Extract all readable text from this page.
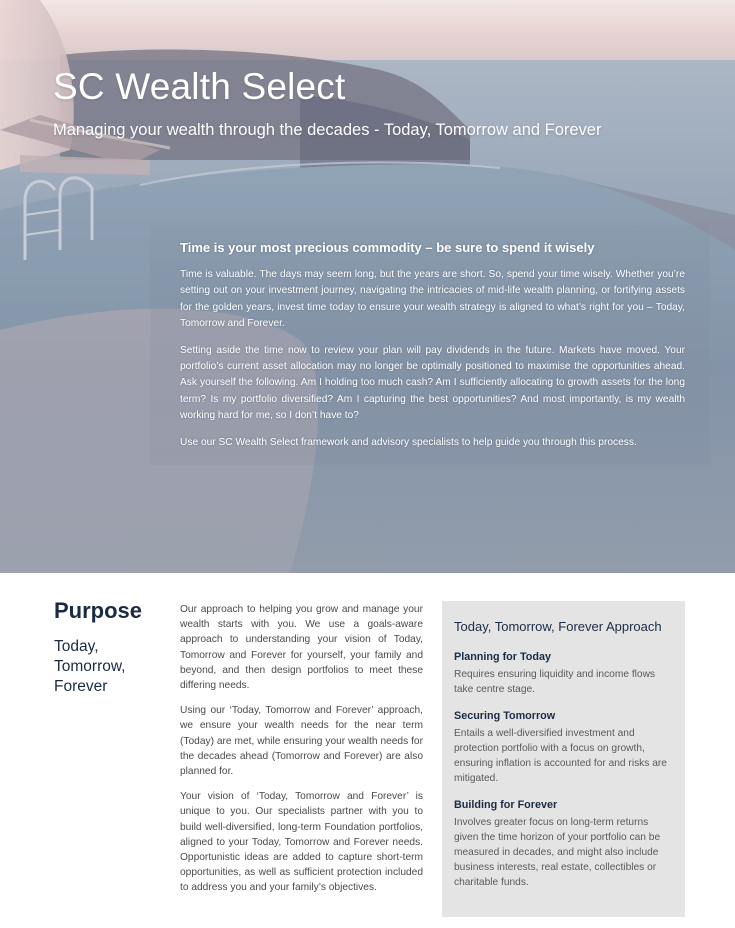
SC Wealth Select
Managing your wealth through the decades - Today, Tomorrow and Forever
Time is your most precious commodity – be sure to spend it wisely

Time is valuable. The days may seem long, but the years are short. So, spend your time wisely. Whether you’re setting out on your investment journey, navigating the intricacies of mid-life wealth planning, or fortifying assets for the golden years, invest time today to ensure your wealth strategy is aligned to what’s right for you – Today, Tomorrow and Forever.

Setting aside the time now to review your plan will pay dividends in the future. Markets have moved. Your portfolio’s current asset allocation may no longer be optimally positioned to maximise the opportunities ahead. Ask yourself the following. Am I holding too much cash? Am I sufficiently allocating to growth assets for the long term? Is my portfolio diversified? Am I capturing the best opportunities? And most importantly, is my wealth working hard for me, so I don’t have to?

Use our SC Wealth Select framework and advisory specialists to help guide you through this process.

Purpose
Today, Tomorrow, Forever

Our approach to helping you grow and manage your wealth starts with you. We use a goals-aware approach to understanding your vision of Today, Tomorrow and Forever for yourself, your family and beyond, and then design portfolios to meet these differing needs.

Using our ‘Today, Tomorrow and Forever’ approach, we ensure your wealth needs for the near term (Today) are met, while ensuring your wealth needs for the decades ahead (Tomorrow and Forever) are also planned for.

Your vision of ‘Today, Tomorrow and Forever’ is unique to you. Our specialists partner with you to build well-diversified, long-term Foundation portfolios, aligned to your Today, Tomorrow and Forever needs. Opportunistic ideas are added to capture short-term opportunities, as well as sufficient protection included to address you and your family’s objectives.

Today, Tomorrow, Forever Approach
Planning for Today

Requires ensuring liquidity and income flows take centre stage.

Securing Tomorrow

Entails a well-diversified investment and protection portfolio with a focus on growth, ensuring inflation is accounted for and risks are mitigated.

Building for Forever

Involves greater focus on long-term returns given the time horizon of your portfolio can be measured in decades, and might also include business interests, real estate, collectibles or charitable funds.
